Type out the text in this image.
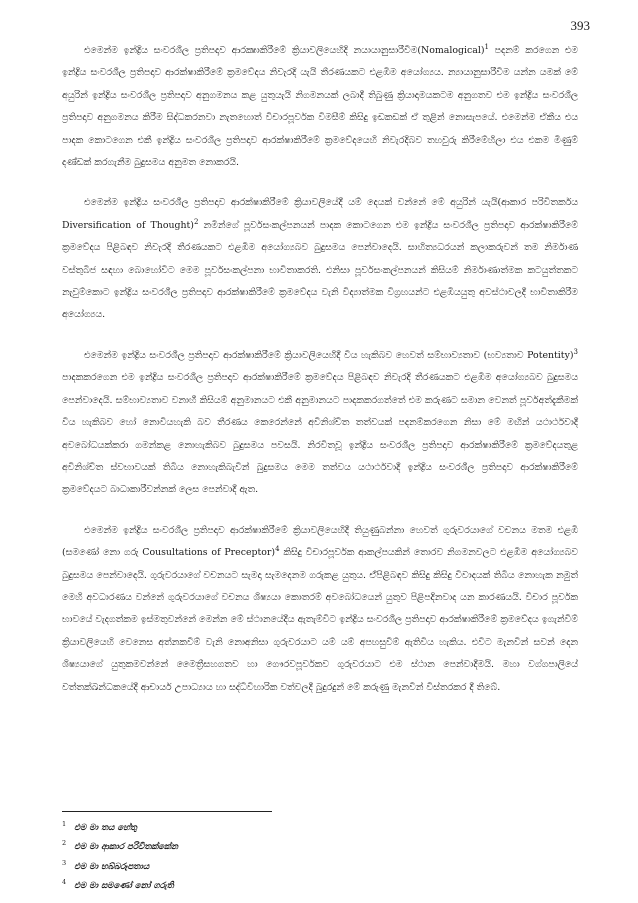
393

එමෙන්ම ඉන්ද්‍රිය සංවරශීල ප්‍රතිපදාව ආරක්‍ෂාකිරීමේ ක්‍රියාවලියෙහිදි නයායානුසාරීවීම(Nomalogical)$^1$ පදනම් කරගෙන එම ඉන්ද්‍රිය සංවරශීල ප්‍රතිපදාව ආරක්ෂාකිරීමේ ක්‍රමවේදය නිවැරදි යැයි තීරණයකට එළඹීම අයෝග්‍යය. න්‍යායානුසාරීවීම යන්න යමක් මේ අයුරින් ඉන්ද්‍රිය සංවරශීල ප්‍රතිපදාව අනුගමනය කළ යුතුයැයි නිගමනයක් ලබාදී තිබුණු ක්‍රියාදාමයකටම අනුගතව එම ඉන්ද්‍රිය සංවරශීල ප්‍රතිපදාව අනුගමනය කිරීම සිද්ධකරනවා නැතහොත් විචාරපූර්වක විමසීම් කිසිදු ඉඩකඩක් ඒ තුළින් නොසැපයේ. එමෙන්ම ඒකීය එය පාදක කොටගෙන එකී ඉන්ද්‍රිය සංවරශීල ප්‍රතිපදාව ආරක්ෂාකිරීමේ ක්‍රමවේදයෙහි නිවැරදිබව තහවුරු කිරීමේහිලා එය එකම මිණුම් දණ්ඩක් කරගැනීම බුදුසමය අනුමත නොකරයි.

එමෙන්ම ඉන්ද්‍රිය සංවරශීල ප්‍රතිපදාව ආරක්ෂාකිරීමේ ක්‍රියාවලියේදී යම් දෙයක් වන්නේ මේ අයුරින් යැයි(ආකාර පරිවිතර්කය Diversification of Thought)$^2$ නමින්ගේ පූර්වසංකල්පනයන් පාදක කොටගෙන එම ඉන්ද්‍රිය සංවරශීල ප්‍රතිපදාව ආරක්ෂාකිරීමේ ක්‍රමවේදය පිළිබඳව නිවැරදි තීරණයකට එළඹීම අයෝග්‍යබව බුදුසමය පෙන්වාදෙයි. සාහිත්‍යධරයන් කලාකරුවන් තම නිර්මාණ වස්තුබිජ සඳහා බොහෝවිට මෙම පූර්වසංකල්පනා භාවිතාකරති. එනිසා පූර්වසංකල්පනයන් කිසියම් නිර්මාණාත්මක කටයුත්තකට නැවුම්කොට ඉන්ද්‍රිය සංවරශීල ප්‍රතිපදාව ආරක්ෂාකිරීමේ ක්‍රමවේදය වැනි විද්‍යාත්මක විග්‍රහයන්ට එළඹියයුතු අවස්ථාවලදී භාවිතාකිරීම අයෝග්‍යය.

එමෙන්ම ඉන්ද්‍රිය සංවරශීල ප්‍රතිපදාව ආරක්ෂාකිරීමේ ක්‍රියාවලියෙහිදී විය හැකිබව හෙවත් සම්භාව්‍යතාව (භව්‍යතාව Potentity)$^3$ පාදකකරගෙන එම ඉන්ද්‍රිය සංවරශීල ප්‍රතිපදාව ආරක්ෂාකිරීමේ ක්‍රමවේදය පිළිබඳව නිවැරදි තීරණයකට එළඹීම අයෝග්‍යබව බුදුසමය පෙන්වාදෙයි. සම්භාව්‍යතාව වනාහී කිසියම් අනුමානයට එකී අනුමානයට පාදකකරගත්තේ එම කරුණට සමාන වෙනත් පූර්වඅත්දැකීමක් විය හැකිබව හෝ නොවියහැකි බව තීරණය කෙරෙන්නේ අවිනිශ්චිත තත්වයක් පදනම්කරගෙන නිසා මේ මඟින් යථාර්ථවාදී අවබෝධයක්කරා ගමන්කළ නොහැකිබව බුදුසමය පවසයි. නිරවිතවූ ඉන්ද්‍රිය සංවරශීල ප්‍රතිපදාව ආරක්ෂාකිරීමේ ක්‍රමවේදයතුළ අවිනිශ්චිත ස්වභාවයක් තිබිය නොහැකිබැවින් බුදුසමය මෙම තත්වය යථාර්ථවාදී ඉන්ද්‍රිය සංවරශීල ප්‍රතිපදාව ආරක්ෂාකිරීමේ ක්‍රමවේදයට බාධාකාරීවන්නක් ලෙස පෙන්වාදී ඇත.

එමෙන්ම ඉන්ද්‍රිය සංවරශීල ප්‍රතිපදාව ආරක්ෂාකිරීමේ ක්‍රියාවලියෙහිදී තියුණුබන්නා හෙවත් ගුරුවරයාගේ වචනය මතම එළඹී (සමණෝ නො ගරු Cousultations of Preceptor)$^4$ කිසිදු විචාරපූර්වක ආකල්පයකින් තොරව නිගමනවලට එළඹීම අයෝග්‍යබව බුදුසමය පෙන්වාදෙයි. ගුරුවරයාගේ වචනයට සැමදා සැමදෙනම ගරුකළ යුතුය. ඒ්පිළිබඳව කිසිදු කිසිදු විවාදයක් තිබිය නොහැක නමුත් මෙහි අවධාරණය වන්නේ ගුරුවරයාගේ වචනය ශිෂ්‍යයා කොතරම් අවබෝධයෙන් යුතුව පිළිපදිනවාද යන කාරණයයි. විචාර පූර්වක භාවයේ වැදගත්කම ඉස්මතුවන්නේ මෙන්න මේ ස්ථානයේදීය ඇතැම්විට ඉන්ද්‍රිය සංවරශීල ප්‍රතිපදාව ආරක්ෂාකිරීමේ ක්‍රමවේදය ඉගැන්වීම් ක්‍රියාවලියෙහි වෙනෙස අත්නකවීම් වැනි නොඅනිසා ගුරුවරයාට යම් යම් අපහසුවීම් ඇතිවිය හැකිය. එවිට මැනවින් සවන් දෙන ශිෂ්‍යයාගේ යුතුකමවන්නේ මෛත්‍රීසහගතව හා ගෞරවපූර්වකව ගුරුවරයාට එම ස්ථාන පෙන්වාදීමයි. මහා වග්ගපාලියේ වත්තක්ඛන්ධකයේදී ආචාර්ය උපාධ්‍යාය හා සද්ධිවිහාරික වත්වලදී බුදුරදුන් මේ කරුණු මැනවින් විස්තරකර දී තිබේ.

$^1$ එම මා තය හේතු
$^2$ එම මා ආකාර පරිවිතක්කේන
$^3$ එම මා භබ්බරූපතාය
$^4$ එම මා සමණෝ නෝ ගරුති
